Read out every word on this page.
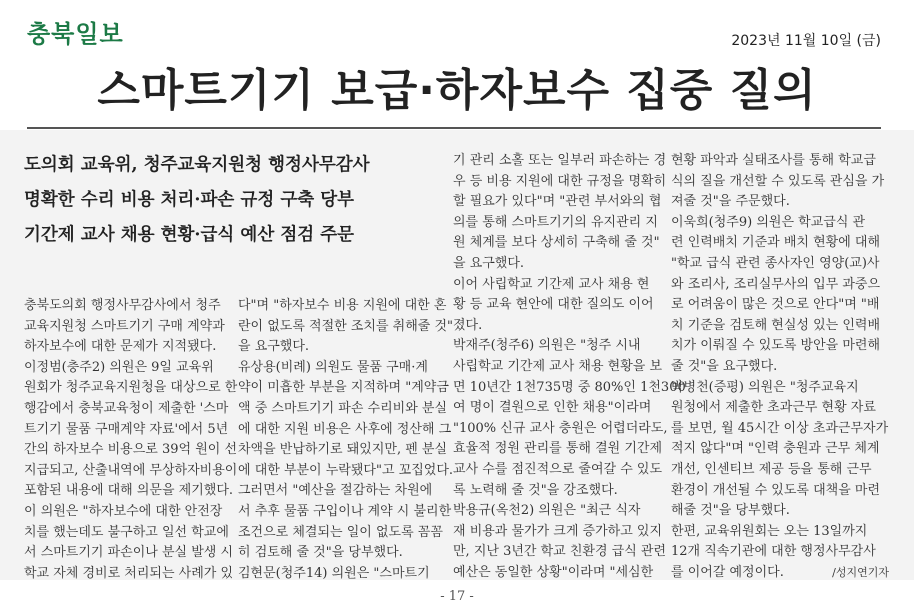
충북일보	2023년 11월 10일 (금)
스마트기기 보급·하자보수 집중 질의
도의회 교육위, 청주교육지원청 행정사무감사
명확한 수리 비용 처리·파손 규정 구축 당부
기간제 교사 채용 현황·급식 예산 점검 주문
충북도의회 행정사무감사에서 청주
교육지원청 스마트기기 구매 계약과
하자보수에 대한 문제가 지적됐다.
이정범(충주2) 의원은 9일 교육위
원회가 청주교육지원청을 대상으로 한
행감에서 충북교육청이 제출한 '스마
트기기 물품 구매계약 자료'에서 5년
간의 하자보수 비용으로 39억 원이 선
지급되고, 산출내역에 무상하자비용이
포함된 내용에 대해 의문을 제기했다.
이 의원은 "하자보수에 대한 안전장
치를 했는데도 불구하고 일선 학교에
서 스마트기기 파손이나 분실 발생 시
학교 자체 경비로 처리되는 사례가 있
다"며 "하자보수 비용 지원에 대한 혼
란이 없도록 적절한 조치를 취해줄 것"
을 요구했다.
유상용(비례) 의원도 물품 구매·계
약이 미흡한 부분을 지적하며 "계약금
액 중 스마트기기 파손 수리비와 분실
에 대한 지원 비용은 사후에 정산해 그
차액을 반납하기로 돼있지만, 펜 분실
에 대한 부분이 누락됐다"고 꼬집었다.
그러면서 "예산을 절감하는 차원에
서 추후 물품 구입이나 계약 시 불리한
조건으로 체결되는 일이 없도록 꼼꼼
히 검토해 줄 것"을 당부했다.
김현문(청주14) 의원은 "스마트기
기 관리 소홀 또는 일부러 파손하는 경
우 등 비용 지원에 대한 규정을 명확히
할 필요가 있다"며 "관련 부서와의 협
의를 통해 스마트기기의 유지관리 지
원 체계를 보다 상세히 구축해 줄 것"
을 요구했다.
이어 사립학교 기간제 교사 채용 현
황 등 교육 현안에 대한 질의도 이어
졌다.
박재주(청주6) 의원은 "청주 시내
사립학교 기간제 교사 채용 현황을 보
면 10년간 1천735명 중 80%인 1천300
여 명이 결원으로 인한 채용"이라며
"100% 신규 교사 충원은 어렵더라도,
효율적 정원 관리를 통해 결원 기간제
교사 수를 점진적으로 줄여갈 수 있도
록 노력해 줄 것"을 강조했다.
박용규(옥천2) 의원은 "최근 식자
재 비용과 물가가 크게 증가하고 있지
만, 지난 3년간 학교 친환경 급식 관련
예산은 동일한 상황"이라며 "세심한
현황 파악과 실태조사를 통해 학교급
식의 질을 개선할 수 있도록 관심을 가
져줄 것"을 주문했다.
이욱희(청주9) 의원은 학교급식 관
련 인력배치 기준과 배치 현황에 대해
"학교 급식 관련 종사자인 영양(교)사
와 조리사, 조리실무사의 입무 과중으
로 어려움이 많은 것으로 안다"며 "배
치 기준을 검토해 현실성 있는 인력배
치가 이뤄질 수 있도록 방안을 마련해
줄 것"을 요구했다.
박병천(증평) 의원은 "청주교육지
원청에서 제출한 초과근무 현황 자료
를 보면, 월 45시간 이상 초과근무자가
적지 않다"며 "인력 충원과 근무 체계
개선, 인센티브 제공 등을 통해 근무
환경이 개선될 수 있도록 대책을 마련
해줄 것"을 당부했다.
한편, 교육위원회는 오는 13일까지
12개 직속기관에 대한 행정사무감사
를 이어갈 예정이다.	/성지연기자
- 17 -
